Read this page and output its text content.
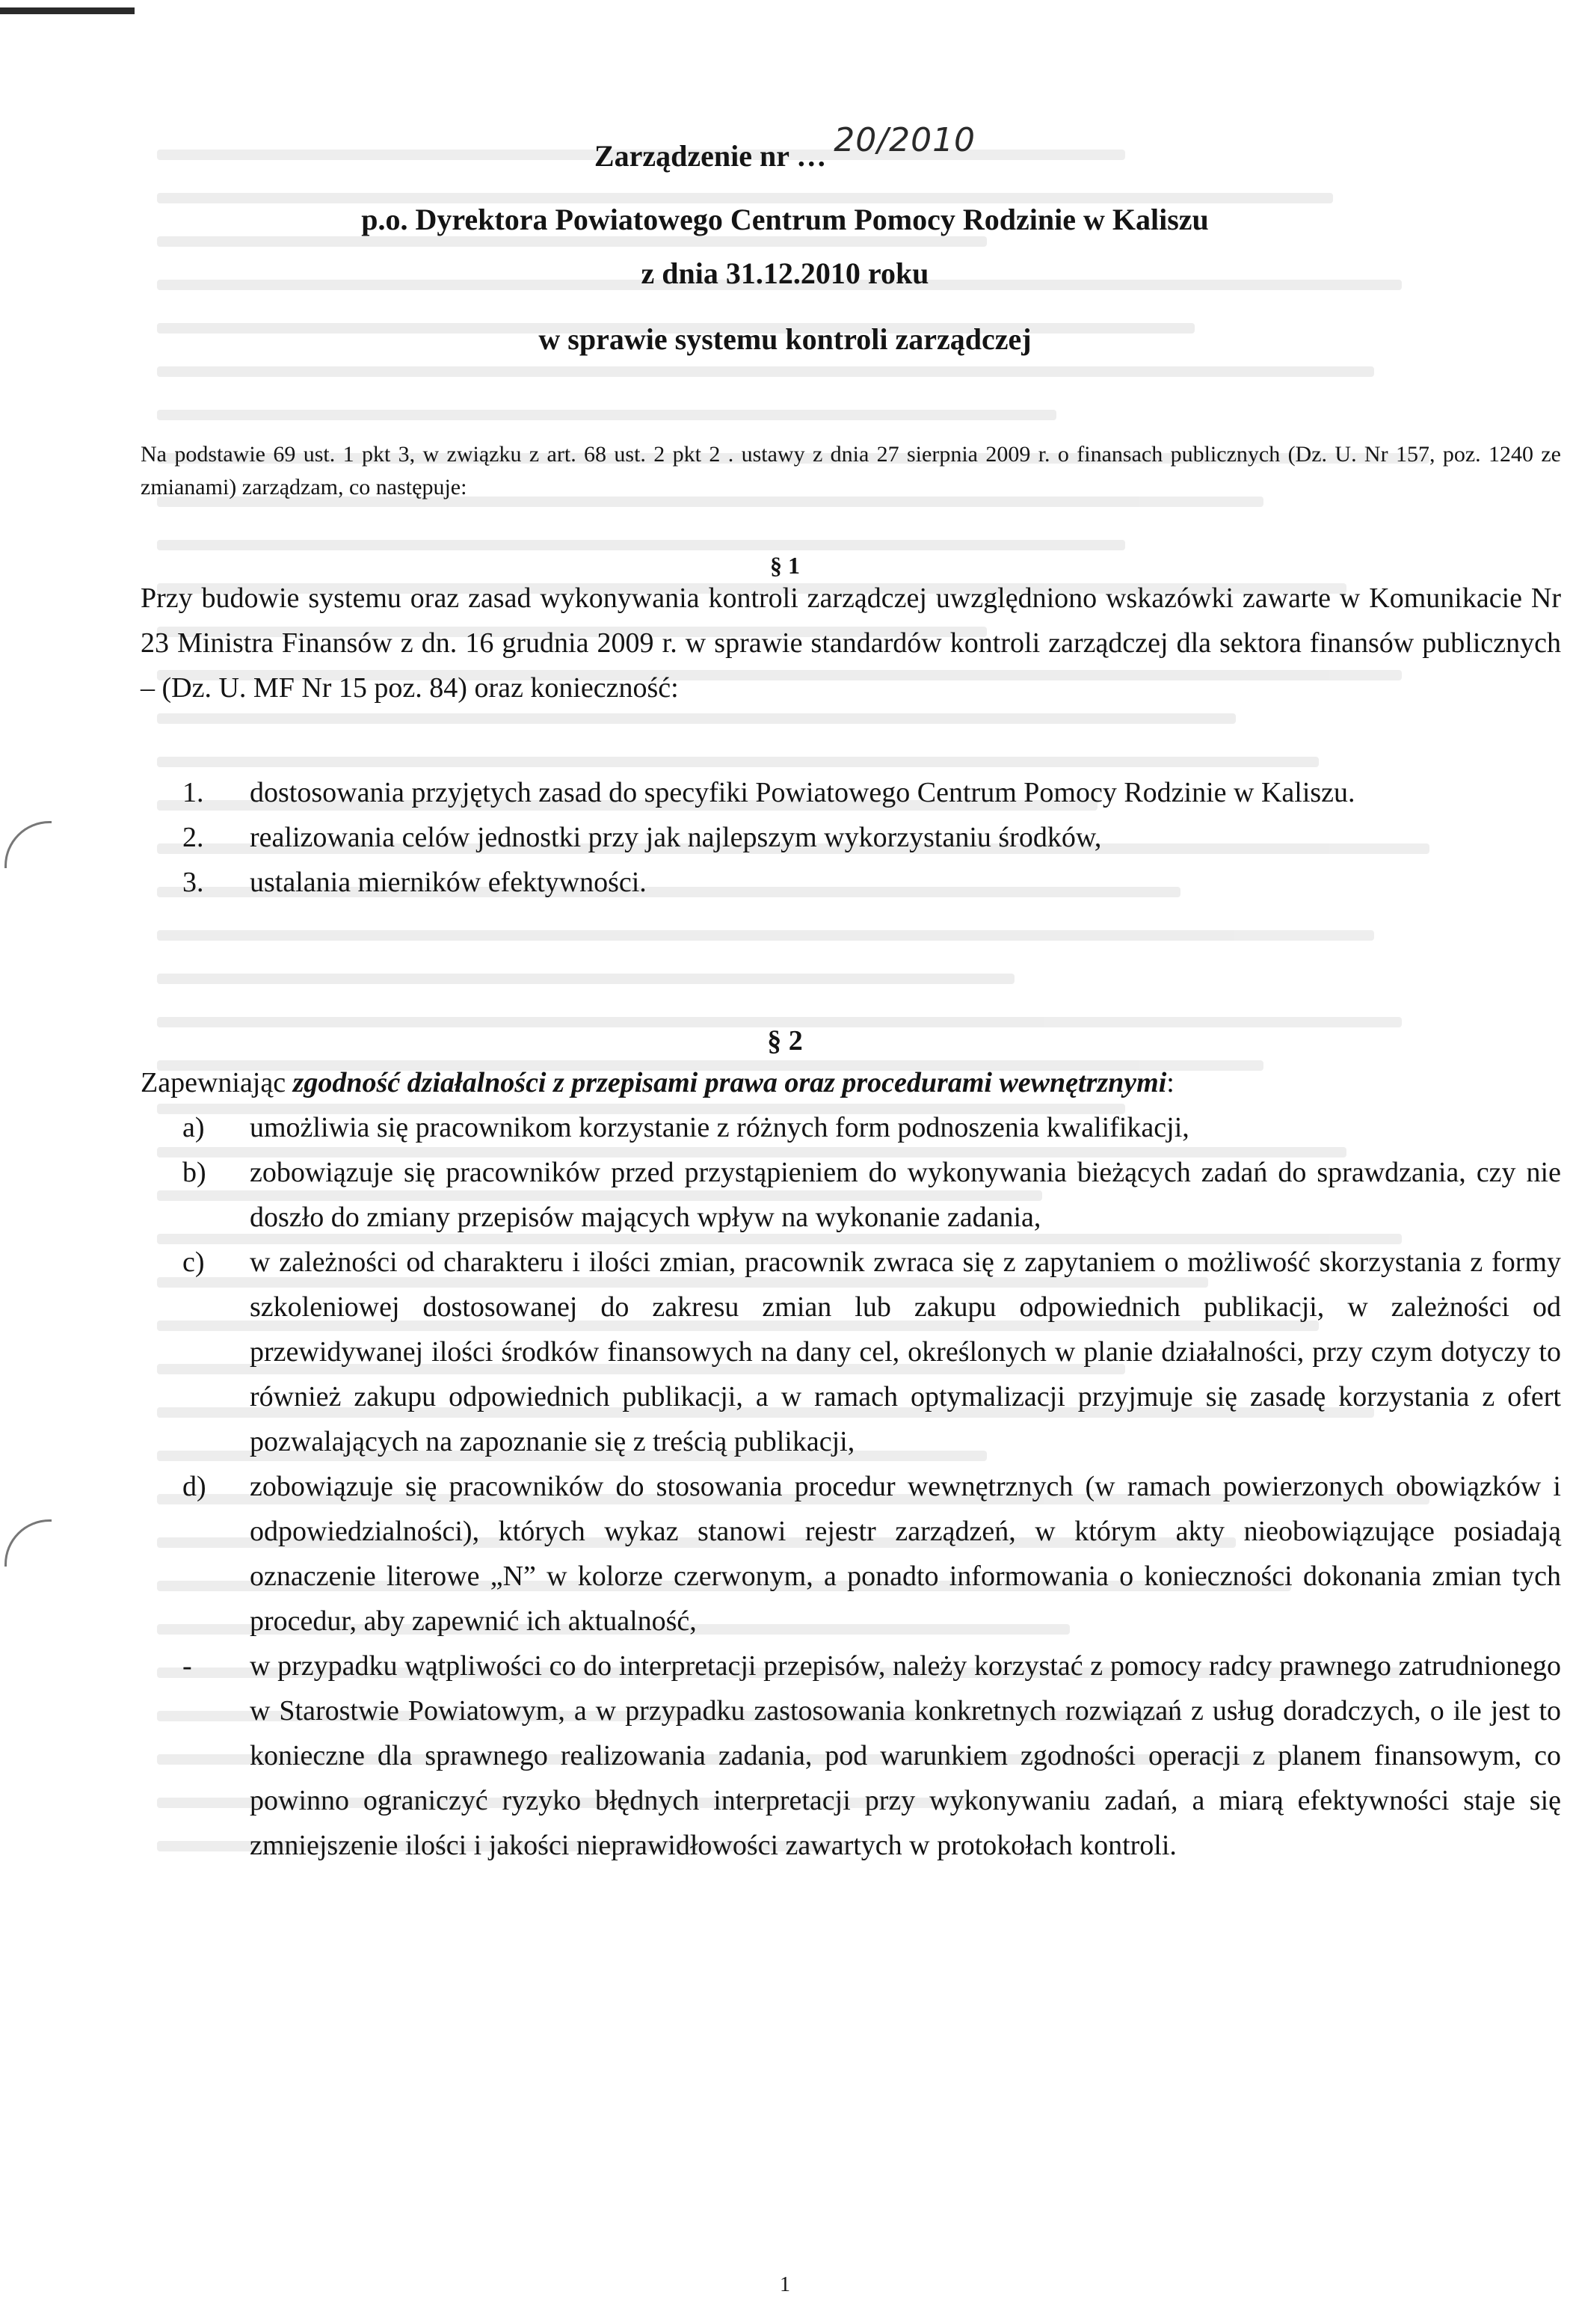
Zarządzenie nr … 20/2010
p.o. Dyrektora Powiatowego Centrum Pomocy Rodzinie w Kaliszu
z dnia 31.12.2010 roku
w sprawie systemu kontroli zarządczej
Na podstawie 69 ust. 1 pkt 3, w związku z art. 68 ust. 2 pkt 2 . ustawy z dnia 27 sierpnia 2009 r. o finansach publicznych (Dz. U. Nr 157, poz. 1240 ze zmianami) zarządzam, co następuje:
§ 1
Przy budowie systemu oraz zasad wykonywania kontroli zarządczej uwzględniono wskazówki zawarte w Komunikacie Nr 23 Ministra Finansów z dn. 16 grudnia 2009 r. w sprawie standardów kontroli zarządczej dla sektora finansów publicznych – (Dz. U. MF Nr 15 poz. 84) oraz konieczność:
1.	dostosowania przyjętych zasad do specyfiki Powiatowego Centrum Pomocy Rodzinie w Kaliszu.
2.	realizowania celów jednostki przy jak najlepszym wykorzystaniu środków,
3.	ustalania mierników efektywności.
§ 2
Zapewniając zgodność działalności z przepisami prawa oraz procedurami wewnętrznymi:
a)	umożliwia się pracownikom korzystanie z różnych form podnoszenia kwalifikacji,
b)	zobowiązuje się pracowników przed przystąpieniem do wykonywania bieżących zadań do sprawdzania, czy nie doszło do zmiany przepisów mających wpływ na wykonanie zadania,
c)	w zależności od charakteru i ilości zmian, pracownik zwraca się z zapytaniem o możliwość skorzystania z formy szkoleniowej dostosowanej do zakresu zmian lub zakupu odpowiednich publikacji, w zależności od przewidywanej ilości środków finansowych na dany cel, określonych w planie działalności, przy czym dotyczy to również zakupu odpowiednich publikacji, a w ramach optymalizacji przyjmuje się zasadę korzystania z ofert pozwalających na zapoznanie się z treścią publikacji,
d)	zobowiązuje się pracowników do stosowania procedur wewnętrznych (w ramach powierzonych obowiązków i odpowiedzialności), których wykaz stanowi rejestr zarządzeń, w którym akty nieobowiązujące posiadają oznaczenie literowe „N” w kolorze czerwonym, a ponadto informowania o konieczności dokonania zmian tych procedur, aby zapewnić ich aktualność,
-	w przypadku wątpliwości co do interpretacji przepisów, należy korzystać z pomocy radcy prawnego zatrudnionego w Starostwie Powiatowym, a w przypadku zastosowania konkretnych rozwiązań z usług doradczych, o ile jest to konieczne dla sprawnego realizowania zadania, pod warunkiem zgodności operacji z planem finansowym, co powinno ograniczyć ryzyko błędnych interpretacji przy wykonywaniu zadań, a miarą efektywności staje się zmniejszenie ilości i jakości nieprawidłowości zawartych w protokołach kontroli.
1
